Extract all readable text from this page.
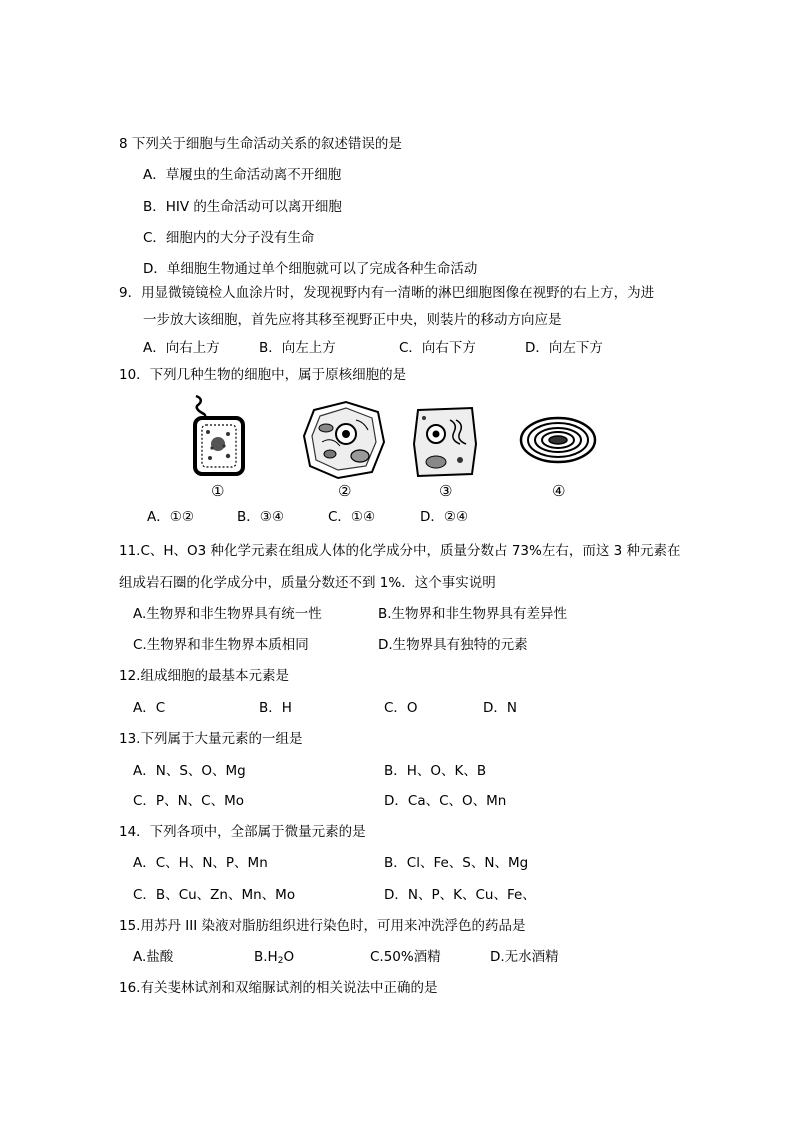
8 下列关于细胞与生命活动关系的叙述错误的是
A．草履虫的生命活动离不开细胞
B．HIV 的生命活动可以离开细胞
C．细胞内的大分子没有生命
D．单细胞生物通过单个细胞就可以了完成各种生命活动
9．用显微镜镜检人血涂片时，发现视野内有一清晰的淋巴细胞图像在视野的右上方，为进
一步放大该细胞，首先应将其移至视野正中央，则装片的移动方向应是
A．向右上方	B．向左上方	C．向右下方	D．向左下方
10．下列几种生物的细胞中，属于原核细胞的是
①	②	③	④
A．①②	B．③④	C．①④	D．②④
11.C、H、O3 种化学元素在组成人体的化学成分中，质量分数占 73%左右，而这 3 种元素在
组成岩石圈的化学成分中，质量分数还不到 1%．这个事实说明
A.生物界和非生物界具有统一性	B.生物界和非生物界具有差异性
C.生物界和非生物界本质相同	D.生物界具有独特的元素
12.组成细胞的最基本元素是
A．C	B．H	C．O	D．N
13.下列属于大量元素的一组是
A．N、S、O、Mg	B．H、O、K、B
C．P、N、C、Mo	D．Ca、C、O、Mn
14．下列各项中，全部属于微量元素的是
A．C、H、N、P、Mn	B．Cl、Fe、S、N、Mg
C．B、Cu、Zn、Mn、Mo	D．N、P、K、Cu、Fe、
15.用苏丹 III 染液对脂肪组织进行染色时，可用来冲洗浮色的药品是
A.盐酸	$B.H_2O$	C.50%酒精	D.无水酒精
16.有关斐林试剂和双缩脲试剂的相关说法中正确的是
